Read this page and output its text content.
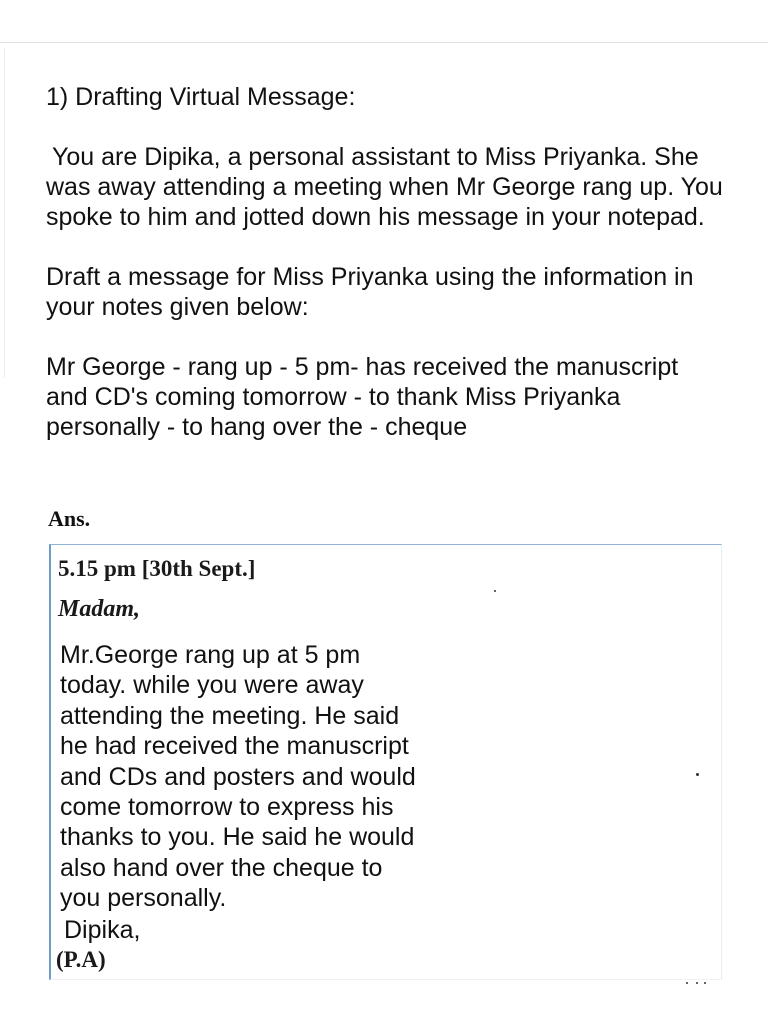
1) Drafting Virtual Message:

You are Dipika, a personal assistant to Miss Priyanka. She was away attending a meeting when Mr George rang up. You spoke to him and jotted down his message in your notepad.

Draft a message for Miss Priyanka using the information in your notes given below:

Mr George - rang up - 5 pm- has received the manuscript and CD's coming tomorrow - to thank Miss Priyanka personally - to hang over the - cheque

Ans.
5.15 pm [30th Sept.]
Madam,

Mr.George rang up at 5 pm

today. while you were away

attending the meeting. He said

he had received the manuscript

and CDs and posters and would

come tomorrow to express his

thanks to you. He said he would

also hand over the cheque to

you personally.

Dipika,
(P.A)
